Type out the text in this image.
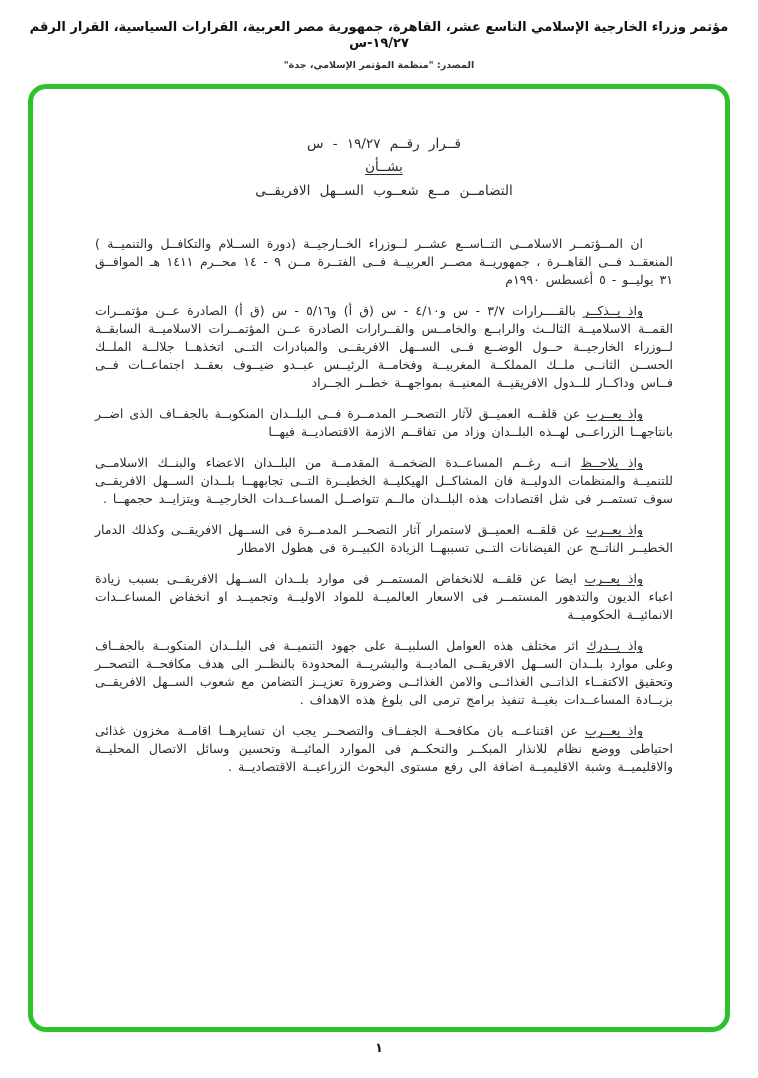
مؤتمر وزراء الخارجية الإسلامي التاسع عشر، القاهرة، جمهورية مصر العربية، القرارات السياسية، القرار الرقم ١٩/٢٧-س
المصدر: "منظمة المؤتمر الإسلامي، جدة"
قــرار رقــم ١٩/٢٧ - س
بشــأن
التضامــن مــع شعــوب الســهل الافريقــى

ان المــؤتمــر الاسلامــى التــاســع عشــر لــوزراء الخــارجيــة (دورة الســلام والتكافــل والتنميــة ) المنعقــد فــى القاهــرة ، جمهوريــة مصــر العربيــة فــى الفتــرة مــن ٩ - ١٤ محــرم ١٤١١ هـ الموافــق ٣١ يوليــو - ٥ أغسطس ١٩٩٠م

واذ يــذكــر بالقــــرارات ٣/٧ - س و٤/١٠ - س (ق أ) و٥/١٦ - س (ق أ) الصادرة عــن مؤتمــرات القمــة الاسلاميــة الثالــث والرابــع والخامــس والقــرارات الصادرة عــن المؤتمــرات الاسلاميــة السابقــة لــوزراء الخارجيــة حــول الوضــع فــى الســهل الافريقــى والمبادرات التــى اتخذهــا جلالــة الملــك الحســن الثانــى ملــك المملكــة المغربيــة وفخامــة الرئيــس عبــدو ضيــوف بعقــد اجتماعــات فــى فــاس وداكــار للــدول الافريقيــة المعنيــة بمواجهــة خطــر الجــراد

واذ يعــرب عن قلقــه العميــق لآثار التصحــر المدمــرة فــى البلــدان المنكوبــة بالجفــاف الذى اضــر بانتاجهــا الزراعــى لهــذه البلــدان وزاد من تفاقــم الازمة الاقتصاديــة فيهــا

واذ يلاحــظ انــه رغــم المساعــدة الضخمــة المقدمــة من البلــدان الاعضاء والبنــك الاسلامــى للتنميــة والمنظمات الدوليــة فان المشاكــل الهيكليــة الخطيــرة التــى تجابههــا بلــدان الســهل الافريقــى سوف تستمــر فى شل اقتصادات هذه البلــدان مالــم تتواصــل المساعــدات الخارجيــة ويتزايــد حجمهــا .

واذ يعــرب عن قلقــه العميــق لاستمرار آثار التصحــر المدمــرة فى الســهل الافريقــى وكذلك الدمار الخطيــر الناتــج عن الفيضانات التــى تسببهــا الزيادة الكبيــرة فى هطول الامطار

واذ يعــرب ايضا عن قلقــه للانخفاض المستمــر فى موارد بلــدان الســهل الافريقــى بسبب زيادة اعباء الديون والتدهور المستمــر فى الاسعار العالميــة للمواد الاوليــة وتجميــد او انخفاض المساعــدات الانمائيــة الحكوميــة

واذ يــدرك اثر مختلف هذه العوامل السلبيــة على جهود التنميــة فى البلــدان المنكوبــة بالجفــاف وعلى موارد بلــدان الســهل الافريقــى الماديــة والبشريــة المحدودة بالنظــر الى هدف مكافحــة التصحــر وتحقيق الاكتفــاء الذاتــى الغذائــى والامن الغذائــى وضرورة تعزيــز التضامن مع شعوب الســهل الافريقــى بزيــادة المساعــدات بغيــة تنفيذ برامج ترمى الى بلوغ هذه الاهداف .

واذ يعــرب عن اقتناعــه بان مكافحــة الجفــاف والتصحــر يجب ان تسايرهــا اقامــة مخزون غذائى احتياطى ووضع نظام للانذار المبكــر والتحكــم فى الموارد المائيــة وتحسين وسائل الاتصال المحليــة والاقليميــة وشبة الاقليميــة اضافة الى رفع مستوى البحوث الزراعيــة الاقتصاديــة .

١
